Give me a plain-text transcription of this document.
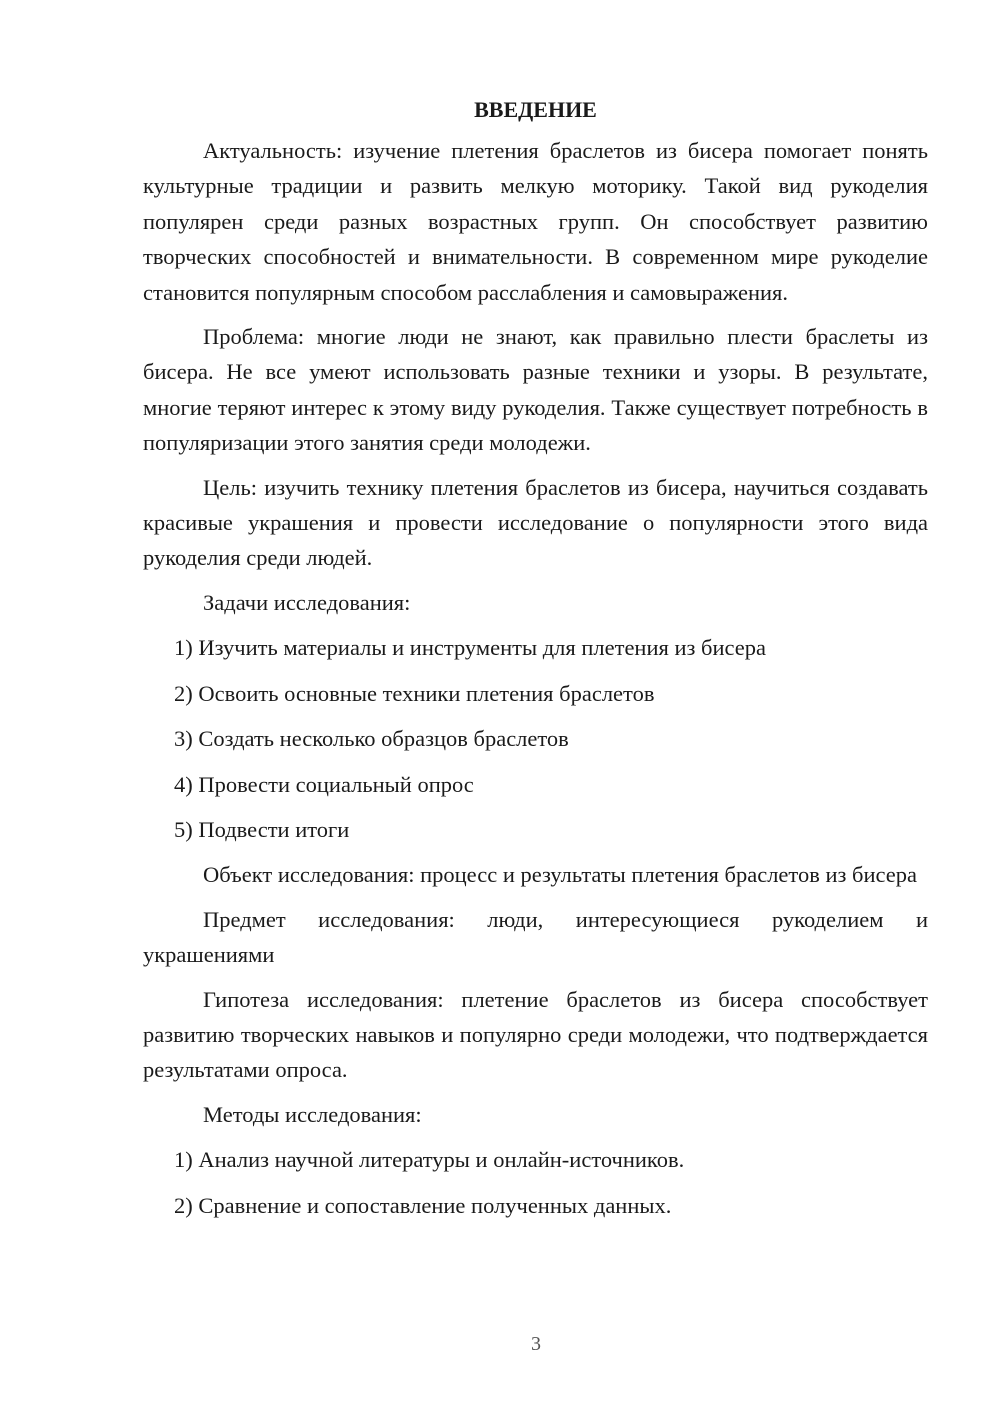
ВВЕДЕНИЕ

Актуальность: изучение плетения браслетов из бисера помогает понять культурные традиции и развить мелкую моторику. Такой вид рукоделия популярен среди разных возрастных групп. Он способствует развитию творческих способностей и внимательности. В современном мире рукоделие становится популярным способом расслабления и самовыражения.

Проблема: многие люди не знают, как правильно плести браслеты из бисера. Не все умеют использовать разные техники и узоры. В результате, многие теряют интерес к этому виду рукоделия. Также существует потребность в популяризации этого занятия среди молодежи.

Цель: изучить технику плетения браслетов из бисера, научиться создавать красивые украшения и провести исследование о популярности этого вида рукоделия среди людей.

Задачи исследования:

1) Изучить материалы и инструменты для плетения из бисера

2) Освоить основные техники плетения браслетов

3) Создать несколько образцов браслетов

4) Провести социальный опрос

5) Подвести итоги

Объект исследования: процесс и результаты плетения браслетов из бисера

Предмет исследования: люди, интересующиеся рукоделием и украшениями

Гипотеза исследования: плетение браслетов из бисера способствует развитию творческих навыков и популярно среди молодежи, что подтверждается результатами опроса.

Методы исследования:

1) Анализ научной литературы и онлайн-источников.

2) Сравнение и сопоставление полученных данных.

3
